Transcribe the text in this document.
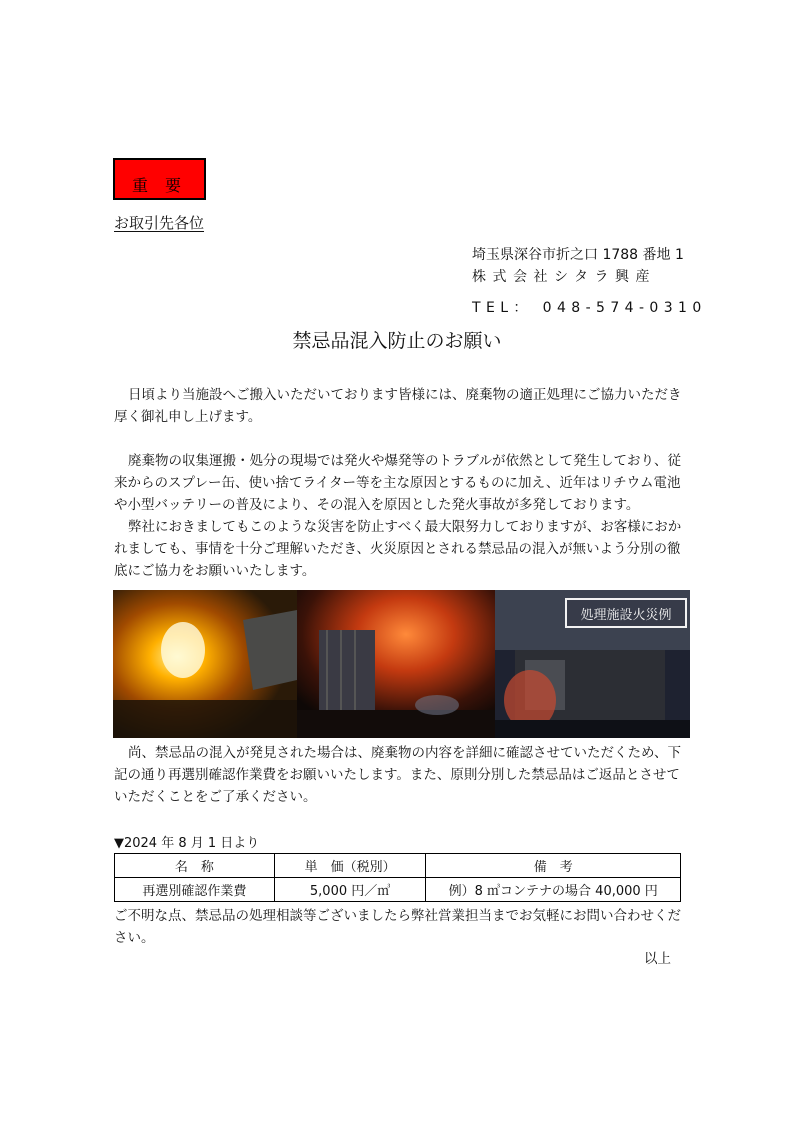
重 要
お取引先各位
埼玉県深谷市折之口 1788 番地 1
株式会社シタラ興産
TEL： 048-574-0310
禁忌品混入防止のお願い
日頃より当施設へご搬入いただいております皆様には、廃棄物の適正処理にご協力いただき厚く御礼申し上げます。
廃棄物の収集運搬・処分の現場では発火や爆発等のトラブルが依然として発生しており、従来からのスプレー缶、使い捨てライター等を主な原因とするものに加え、近年はリチウム電池や小型バッテリーの普及により、その混入を原因とした発火事故が多発しております。
弊社におきましてもこのような災害を防止すべく最大限努力しておりますが、お客様におかれましても、事情を十分ご理解いただき、火災原因とされる禁忌品の混入が無いよう分別の徹底にご協力をお願いいたします。
処理施設火災例
尚、禁忌品の混入が発見された場合は、廃棄物の内容を詳細に確認させていただくため、下記の通り再選別確認作業費をお願いいたします。また、原則分別した禁忌品はご返品とさせていただくことをご了承ください。
▼2024 年 8 月 1 日より
名　称	単　価（税別）	備　考
再選別確認作業費	5,000 円／㎥	例）8 ㎥コンテナの場合 40,000 円
ご不明な点、禁忌品の処理相談等ございましたら弊社営業担当までお気軽にお問い合わせください。
以上
